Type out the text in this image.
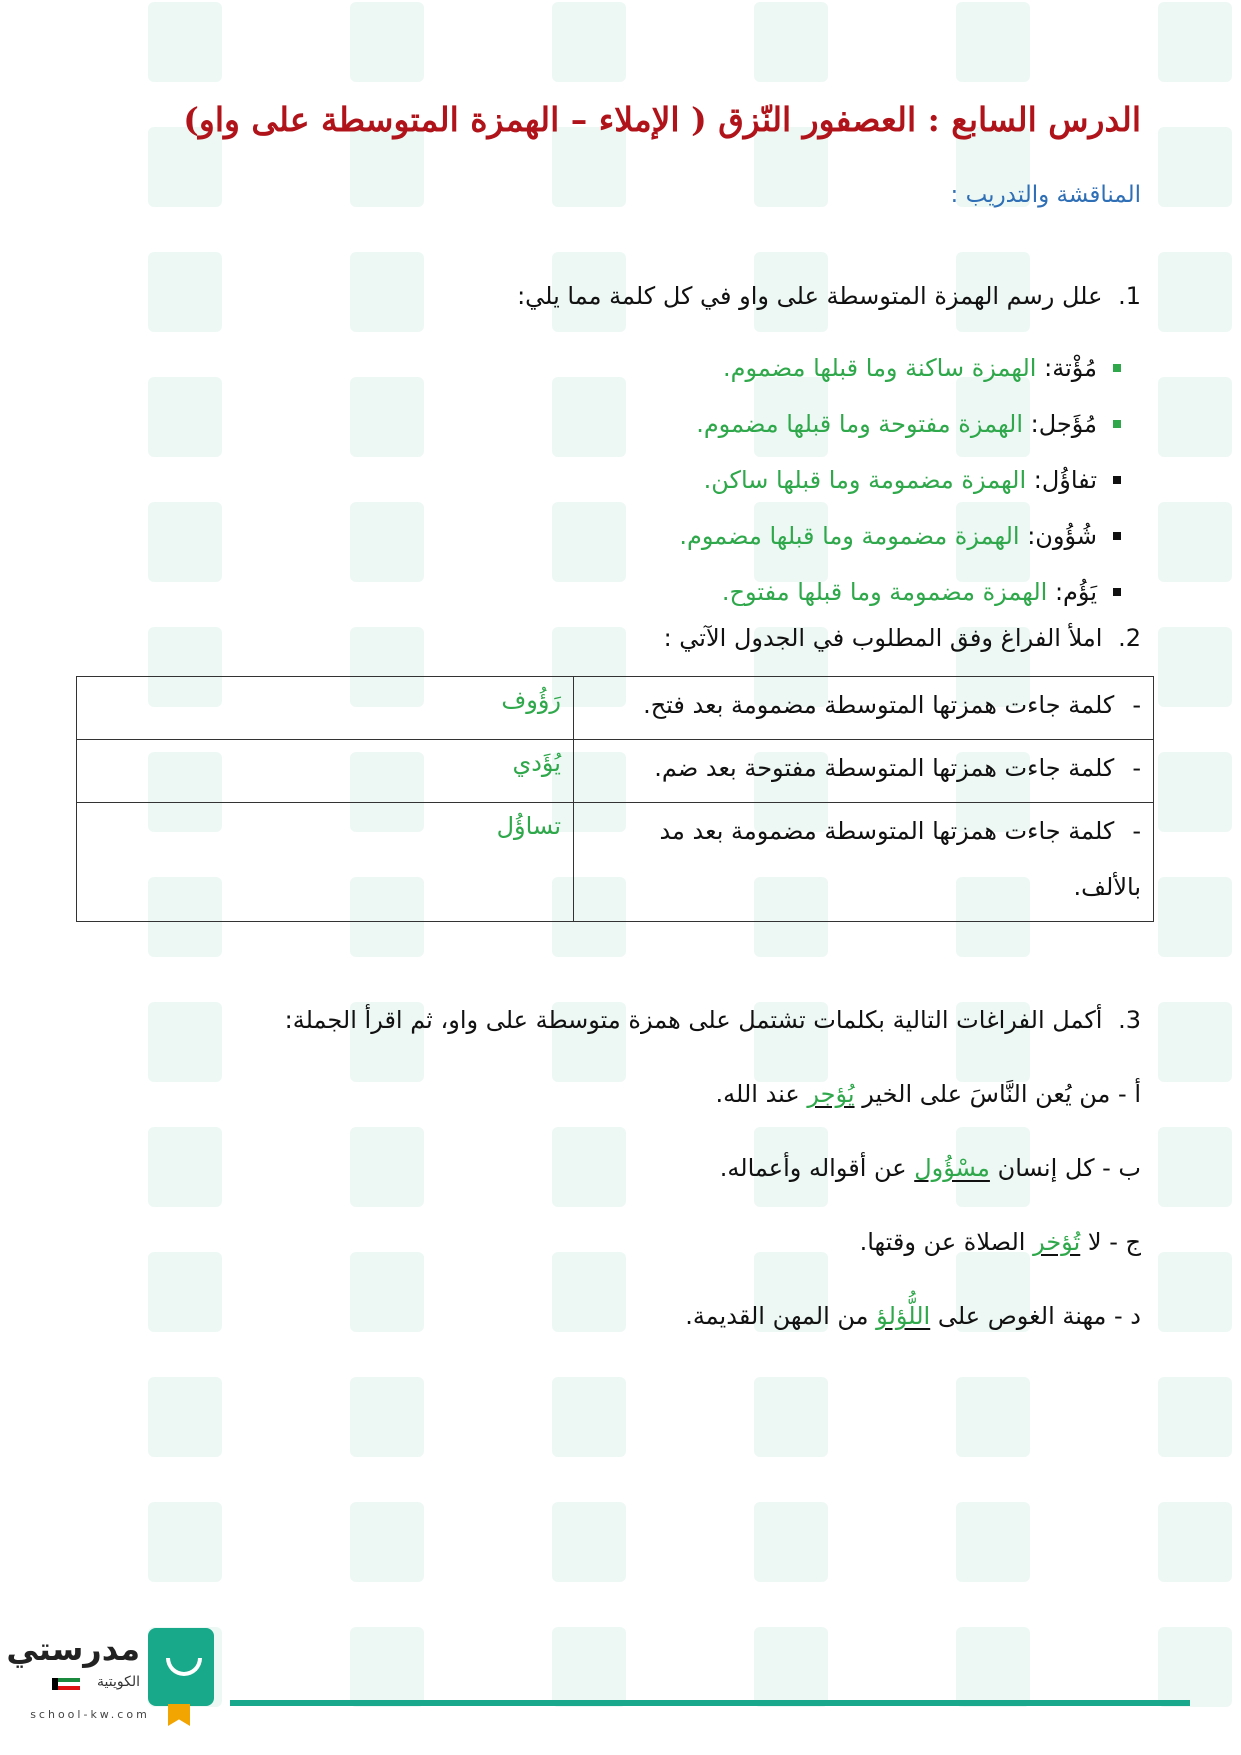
الدرس السابع : العصفور النّزق ( الإملاء – الهمزة المتوسطة على واو)
المناقشة والتدريب :
1. علل رسم الهمزة المتوسطة على واو في كل كلمة مما يلي:
مُؤْتة:

الهمزة ساكنة وما قبلها مضموم.
مُؤَجل:

الهمزة مفتوحة وما قبلها مضموم.
تفاؤُل:

الهمزة مضمومة وما قبلها ساكن.
شُؤُون:

الهمزة مضمومة وما قبلها مضموم.
يَؤُم:

الهمزة مضمومة وما قبلها مفتوح.
2. املأ الفراغ وفق المطلوب في الجدول الآتي :
-كلمة جاءت همزتها المتوسطة مضمومة بعد فتح.	رَؤُوف
-كلمة جاءت همزتها المتوسطة مفتوحة بعد ضم.	يُؤَدي
-كلمة جاءت همزتها المتوسطة مضمومة بعد مد بالألف.	تساؤُل
3. أكمل الفراغات التالية بكلمات تشتمل على همزة متوسطة على واو، ثم اقرأ الجملة:
أ - من يُعن النَّاسَ على الخير يُؤجر عند الله.
ب - كل إنسان مسْؤُول عن أقواله وأعماله.
ج - لا تُؤخر الصلاة عن وقتها.
د - مهنة الغوص على اللُّؤلؤ من المهن القديمة.
مدرستي
الكويتية
school-kw.com
